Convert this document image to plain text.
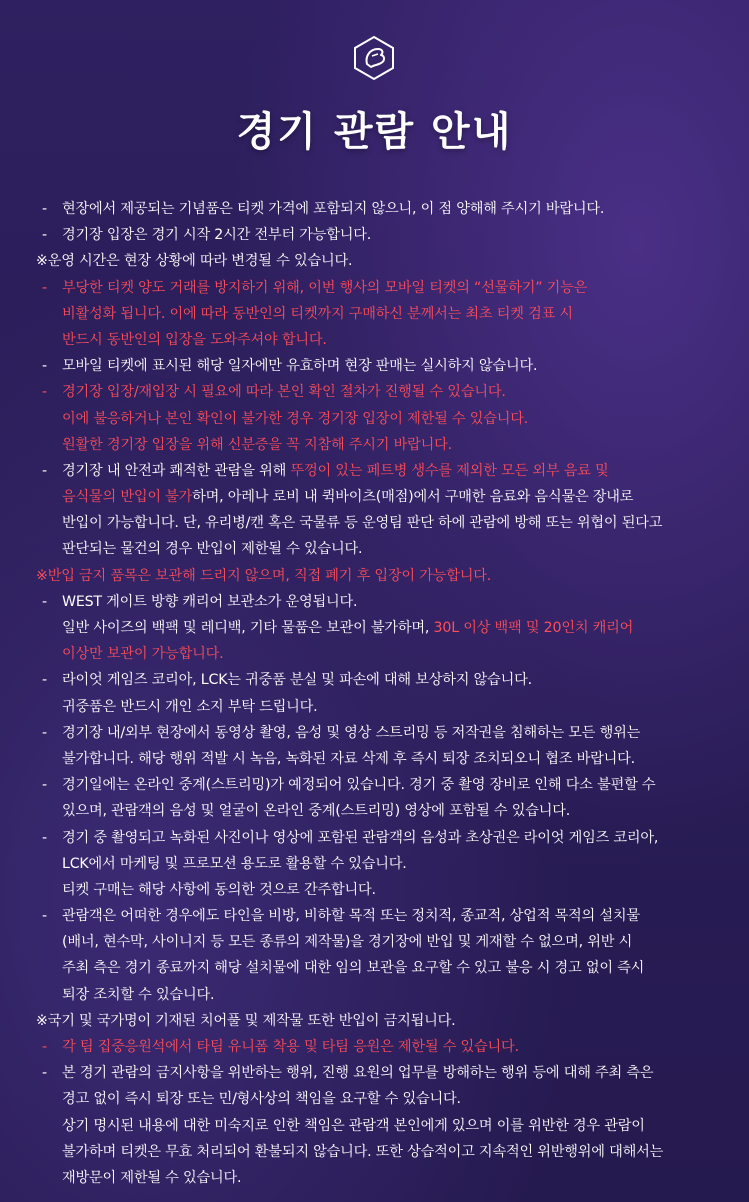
경기 관람 안내
- 현장에서 제공되는 기념품은 티켓 가격에 포함되지 않으니, 이 점 양해해 주시기 바랍니다.
- 경기장 입장은 경기 시작 2시간 전부터 가능합니다.
※운영 시간은 현장 상황에 따라 변경될 수 있습니다.
- 부당한 티켓 양도 거래를 방지하기 위해, 이번 행사의 모바일 티켓의 “선물하기” 기능은
비활성화 됩니다. 이에 따라 동반인의 티켓까지 구매하신 분께서는 최초 티켓 검표 시
반드시 동반인의 입장을 도와주셔야 합니다.
- 모바일 티켓에 표시된 해당 일자에만 유효하며 현장 판매는 실시하지 않습니다.
- 경기장 입장/재입장 시 필요에 따라 본인 확인 절차가 진행될 수 있습니다.
이에 불응하거나 본인 확인이 불가한 경우 경기장 입장이 제한될 수 있습니다.
원활한 경기장 입장을 위해 신분증을 꼭 지참해 주시기 바랍니다.
- 경기장 내 안전과 쾌적한 관람을 위해 뚜껑이 있는 페트병 생수를 제외한 모든 외부 음료 및
음식물의 반입이 불가하며, 아레나 로비 내 퀵바이츠(매점)에서 구매한 음료와 음식물은 장내로
반입이 가능합니다. 단, 유리병/캔 혹은 국물류 등 운영팀 판단 하에 관람에 방해 또는 위협이 된다고
판단되는 물건의 경우 반입이 제한될 수 있습니다.
※반입 금지 품목은 보관해 드리지 않으며, 직접 폐기 후 입장이 가능합니다.
- WEST 게이트 방향 캐리어 보관소가 운영됩니다.
일반 사이즈의 백팩 및 레디백, 기타 물품은 보관이 불가하며, 30L 이상 백팩 및 20인치 캐리어
이상만 보관이 가능합니다.
- 라이엇 게임즈 코리아, LCK는 귀중품 분실 및 파손에 대해 보상하지 않습니다.
귀중품은 반드시 개인 소지 부탁 드립니다.
- 경기장 내/외부 현장에서 동영상 촬영, 음성 및 영상 스트리밍 등 저작권을 침해하는 모든 행위는
불가합니다. 해당 행위 적발 시 녹음, 녹화된 자료 삭제 후 즉시 퇴장 조치되오니 협조 바랍니다.
- 경기일에는 온라인 중계(스트리밍)가 예정되어 있습니다. 경기 중 촬영 장비로 인해 다소 불편할 수
있으며, 관람객의 음성 및 얼굴이 온라인 중계(스트리밍) 영상에 포함될 수 있습니다.
- 경기 중 촬영되고 녹화된 사진이나 영상에 포함된 관람객의 음성과 초상권은 라이엇 게임즈 코리아,
LCK에서 마케팅 및 프로모션 용도로 활용할 수 있습니다.
티켓 구매는 해당 사항에 동의한 것으로 간주합니다.
- 관람객은 어떠한 경우에도 타인을 비방, 비하할 목적 또는 정치적, 종교적, 상업적 목적의 설치물
(배너, 현수막, 사이니지 등 모든 종류의 제작물)을 경기장에 반입 및 게재할 수 없으며, 위반 시
주최 측은 경기 종료까지 해당 설치물에 대한 임의 보관을 요구할 수 있고 불응 시 경고 없이 즉시
퇴장 조치할 수 있습니다.
※국기 및 국가명이 기재된 치어풀 및 제작물 또한 반입이 금지됩니다.
- 각 팀 집중응원석에서 타팀 유니폼 착용 및 타팀 응원은 제한될 수 있습니다.
- 본 경기 관람의 금지사항을 위반하는 행위, 진행 요원의 업무를 방해하는 행위 등에 대해 주최 측은
경고 없이 즉시 퇴장 또는 민/형사상의 책임을 요구할 수 있습니다.
상기 명시된 내용에 대한 미숙지로 인한 책임은 관람객 본인에게 있으며 이를 위반한 경우 관람이
불가하며 티켓은 무효 처리되어 환불되지 않습니다. 또한 상습적이고 지속적인 위반행위에 대해서는
재방문이 제한될 수 있습니다.
